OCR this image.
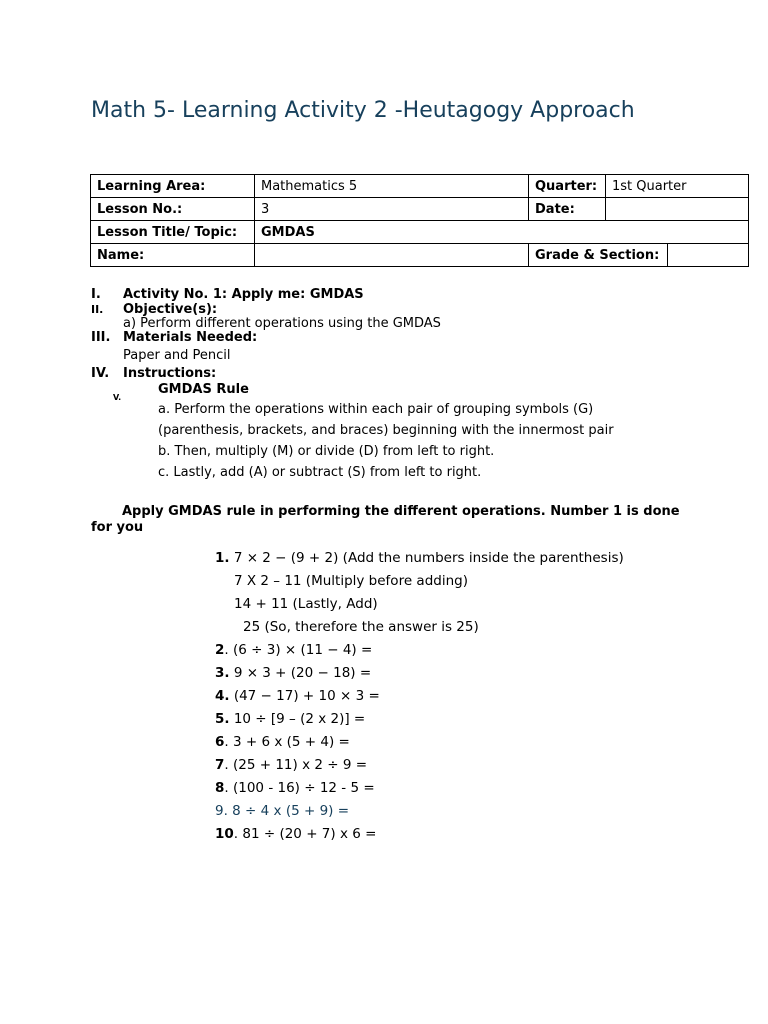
Math 5- Learning Activity 2 -Heutagogy Approach
Learning Area:	Mathematics 5	Quarter:	1st Quarter	
Lesson No.:	3	Date:		
Lesson Title/ Topic:	GMDAS			
Name:		Grade & Section:		
I. Activity No. 1: Apply me: GMDAS
II. Objective(s):
a) Perform different operations using the GMDAS
III. Materials Needed:
Paper and Pencil
IV. Instructions:
GMDAS Rule
V.
a. Perform the operations within each pair of grouping symbols (G)
(parenthesis, brackets, and braces) beginning with the innermost pair
b. Then, multiply (M) or divide (D) from left to right.
c. Lastly, add (A) or subtract (S) from left to right.
Apply GMDAS rule in performing the different operations. Number 1 is done for you
1. 7 × 2 − (9 + 2) (Add the numbers inside the parenthesis)
7 X 2 – 11 (Multiply before adding)
14 + 11 (Lastly, Add)
25 (So, therefore the answer is 25)
2. (6 ÷ 3) × (11 − 4) =
3. 9 × 3 + (20 − 18) =
4. (47 − 17) + 10 × 3 =
5. 10 ÷ [9 – (2 x 2)] =
6. 3 + 6 x (5 + 4) =
7. (25 + 11) x 2 ÷ 9 =
8. (100 - 16) ÷ 12 - 5 =
9. 8 ÷ 4 x (5 + 9) =
10. 81 ÷ (20 + 7) x 6 =
